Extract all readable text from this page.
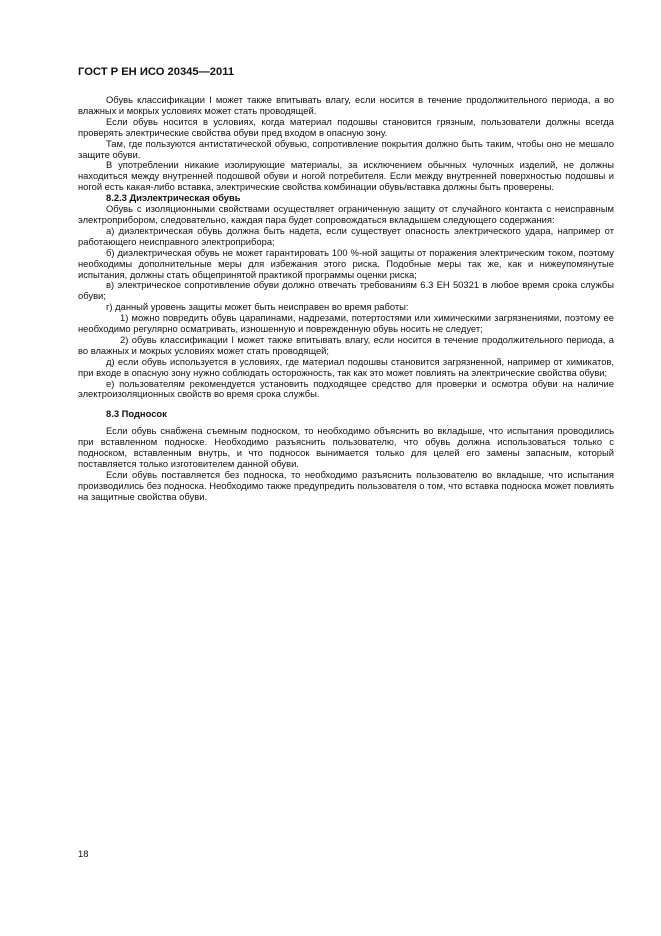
ГОСТ Р ЕН ИСО 20345—2011

Обувь классификации I может также впитывать влагу, если носится в течение продолжительного периода, а во влажных и мокрых условиях может стать проводящей.

Если обувь носится в условиях, когда материал подошвы становится грязным, пользователи должны всегда проверять электрические свойства обуви пред входом в опасную зону.

Там, где пользуются антистатической обувью, сопротивление покрытия должно быть таким, чтобы оно не мешало защите обуви.

В употреблении никакие изолирующие материалы, за исключением обычных чулочных изделий, не должны находиться между внутренней подошвой обуви и ногой потребителя. Если между внутренней поверхностью подошвы и ногой есть какая-либо вставка, электрические свойства комбинации обувь/вставка должны быть проверены.

8.2.3 Диэлектрическая обувь

Обувь с изоляционными свойствами осуществляет ограниченную защиту от случайного контакта с неисправным электроприбором, следовательно, каждая пара будет сопровождаться вкладышем следующего содержания:

а) диэлектрическая обувь должна быть надета, если существует опасность электрического удара, например от работающего неисправного электроприбора;

б) диэлектрическая обувь не может гарантировать 100 %-ной защиты от поражения электрическим током, поэтому необходимы дополнительные меры для избежания этого риска. Подобные меры так же, как и нижеупомянутые испытания, должны стать общепринятой практикой программы оценки риска;

в) электрическое сопротивление обуви должно отвечать требованиям 6.3 ЕН 50321 в любое время срока службы обуви;

г) данный уровень защиты может быть неисправен во время работы:

1) можно повредить обувь царапинами, надрезами, потертостями или химическими загрязнениями, поэтому ее необходимо регулярно осматривать, изношенную и поврежденную обувь носить не следует;

2) обувь классификации I может также впитывать влагу, если носится в течение продолжительного периода, а во влажных и мокрых условиях может стать проводящей;

д) если обувь используется в условиях, где материал подошвы становится загрязненной, например от химикатов, при входе в опасную зону нужно соблюдать осторожность, так как это может повлиять на электрические свойства обуви;

е) пользователям рекомендуется установить подходящее средство для проверки и осмотра обуви на наличие электроизоляционных свойств во время срока службы.

8.3 Подносок

Если обувь снабжена съемным подноском, то необходимо объяснить во вкладыше, что испытания проводились при вставленном подноске. Необходимо разъяснить пользователю, что обувь должна использоваться только с подноском, вставленным внутрь, и что подносок вынимается только для целей его замены запасным, который поставляется только изготовителем данной обуви.

Если обувь поставляется без подноска, то необходимо разъяснить пользователю во вкладыше, что испытания производились без подноска. Необходимо также предупредить пользователя о том, что вставка подноска может повлиять на защитные свойства обуви.

18
